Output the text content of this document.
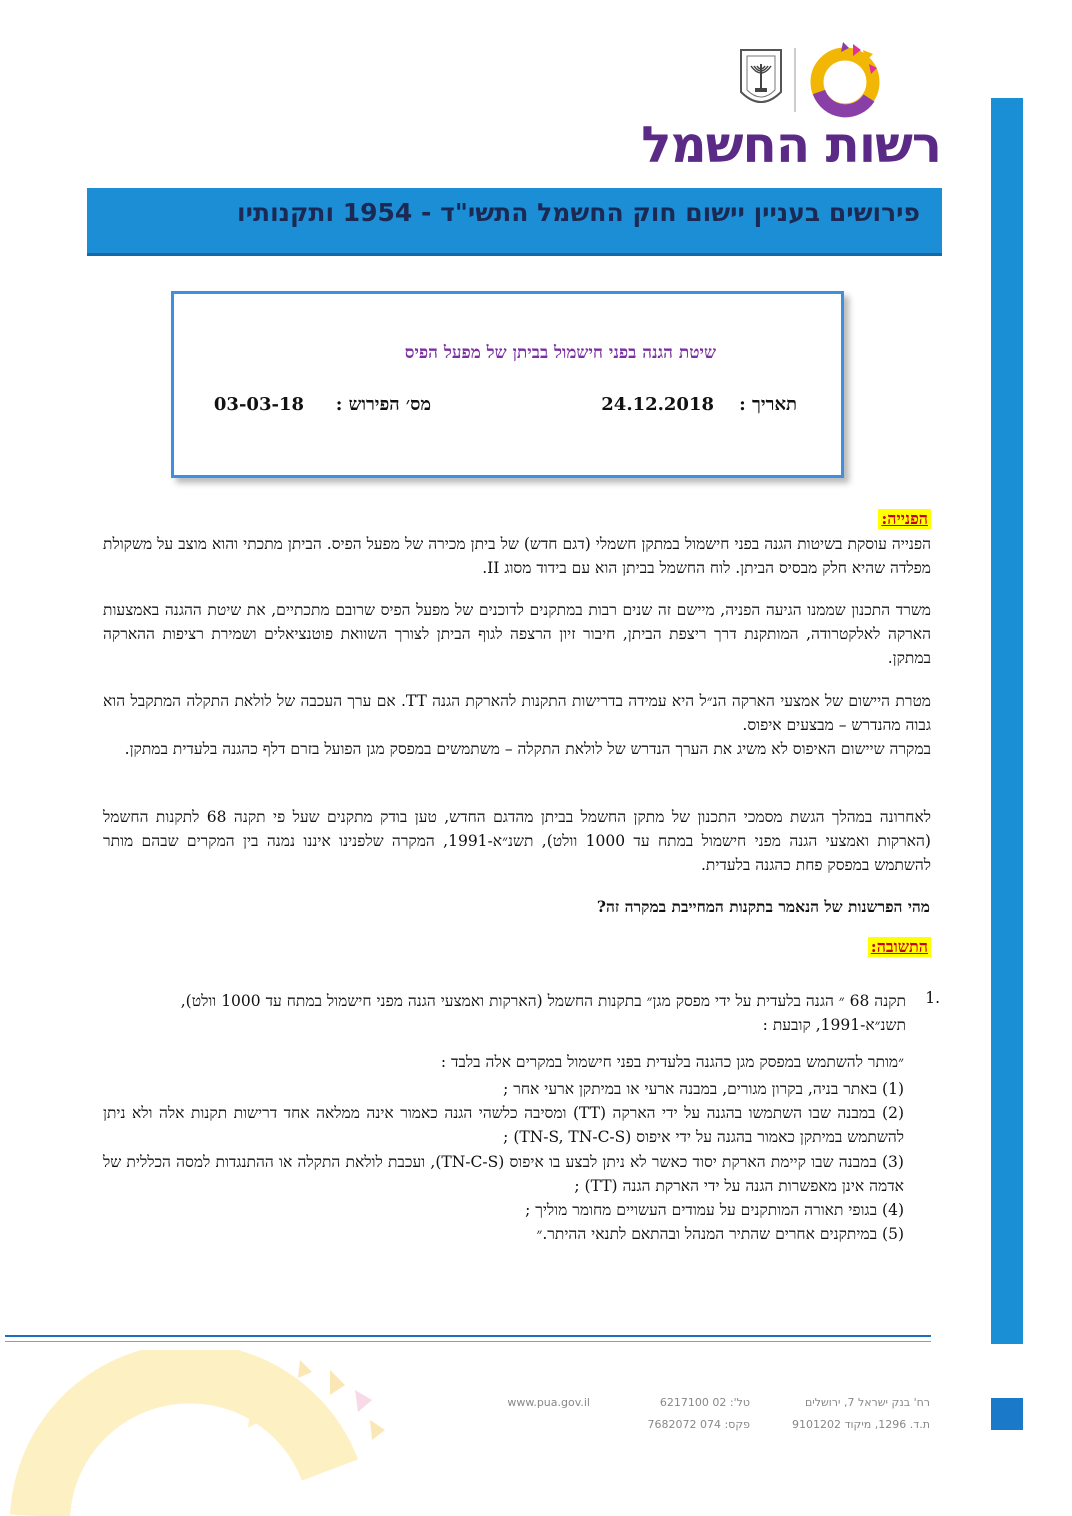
רשות החשמל
פירושים בעניין יישום חוק החשמל התשי"ד - 1954 ותקנותיו
שיטת הגנה בפני חישמול בביתן של מפעל הפיס
תאריך :
24.12.2018
מס׳ הפירוש :
03-03-18
הפנייה:
הפנייה עוסקת בשיטות הגנה בפני חישמול במתקן חשמלי (דגם חדש) של ביתן מכירה של מפעל הפיס. הביתן מתכתי והוא מוצב על משקולת מפלדה שהיא חלק מבסיס הביתן. לוח החשמל בביתן הוא עם בידוד מסוג II.
משרד התכנון שממנו הגיעה הפניה, מיישם זה שנים רבות במתקנים לדוכנים של מפעל הפיס שרובם מתכתיים, את שיטת ההגנה באמצעות הארקה לאלקטרודה, המותקנת דרך ריצפת הביתן, חיבור זיון הרצפה לגוף הביתן לצורך השוואת פוטנציאלים ושמירת רציפות ההארקה במתקן.
מטרת היישום של אמצעי הארקה הנ״ל היא עמידה בדרישות התקנות להארקת הגנה TT. אם ערך העכבה של לולאת התקלה המתקבל הוא גבוה מהנדרש – מבצעים איפוס.
במקרה שיישום האיפוס לא משיג את הערך הנדרש של לולאת התקלה – משתמשים במפסק מגן הפועל בזרם דלף כהגנה בלעדית במתקן.
לאחרונה במהלך הגשת מסמכי התכנון של מתקן החשמל בביתן מהדגם החדש, טען בודק מתקנים שעל פי תקנה 68 לתקנות החשמל (הארקות ואמצעי הגנה מפני חישמול במתח עד 1000 וולט), תשנ״א-1991, המקרה שלפנינו איננו נמנה בין המקרים שבהם מותר להשתמש במפסק פחת כהגנה בלעדית.
מהי הפרשנות של הנאמר בתקנות המחייבת במקרה זה?
התשובה:
1.
תקנה 68 ״ הגנה בלעדית על ידי מפסק מגן״ בתקנות החשמל (הארקות ואמצעי הגנה מפני חישמול במתח עד 1000 וולט), תשנ״א-1991, קובעת :
״מותר להשתמש במפסק מגן כהגנה בלעדית בפני חישמול במקרים אלה בלבד :
(1) באתר בניה, בקרון מגורים, במבנה ארעי או במיתקן ארעי אחר ;
(2) במבנה שבו השתמשו בהגנה על ידי הארקה (TT) ומסיבה כלשהי הגנה כאמור אינה ממלאה אחד דרישות תקנות אלה ולא ניתן להשתמש במיתקן כאמור בהגנה על ידי איפוס (TN-S, TN-C-S) ;
(3) במבנה שבו קיימת הארקת יסוד כאשר לא ניתן לבצע בו איפוס (TN-C-S), ועכבת לולאת התקלה או ההתנגדות למסה הכללית של אדמה אינן מאפשרות הגנה על ידי הארקת הגנה (TT) ;
(4) בגופי תאורה המותקנים על עמודים העשויים מחומר מוליך ;
(5) במיתקנים אחרים שהתיר המנהל ובהתאם לתנאי ההיתר.״
רח' בנק ישראל 7, ירושלים
ת.ד. 1296, מיקוד 9101202
טל': 02 6217100
פקס: 074 7682072
www.pua.gov.il
